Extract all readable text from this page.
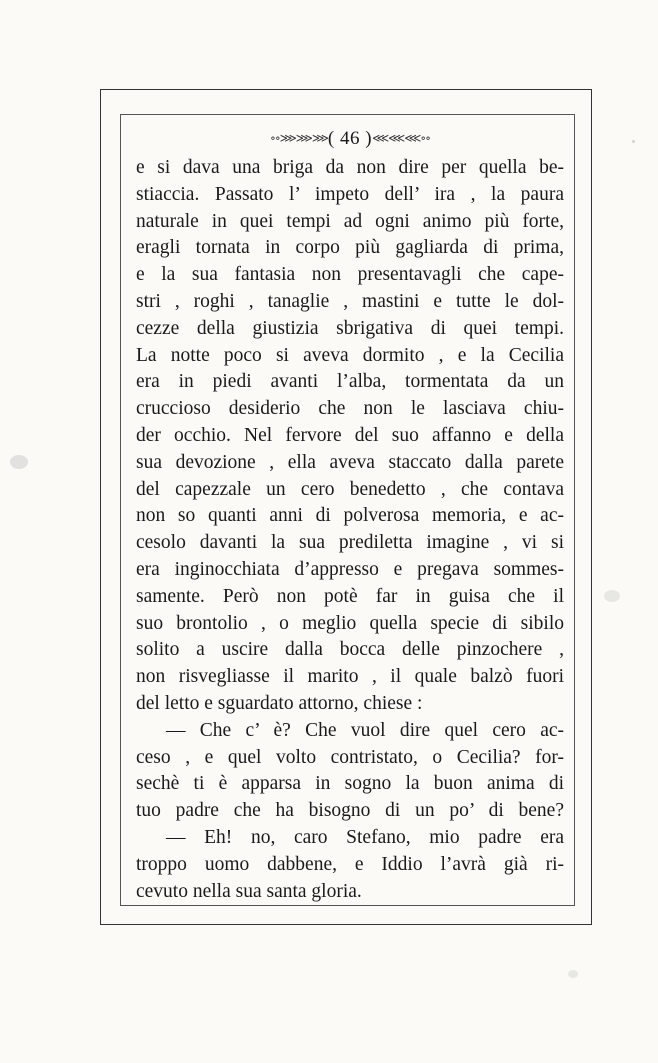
∘∘⋙⋙⋙( 46 )⋘⋘⋘∘∘
e si dava una briga da non dire per quella be-
stiaccia. Passato l’ impeto dell’ ira , la paura
naturale in quei tempi ad ogni animo più forte,
eragli tornata in corpo più gagliarda di prima,
e la sua fantasia non presentavagli che cape-
stri , roghi , tanaglie , mastini e tutte le dol-
cezze della giustizia sbrigativa di quei tempi.
La notte poco si aveva dormito , e la Cecilia
era in piedi avanti l’alba, tormentata da un
cruccioso desiderio che non le lasciava chiu-
der occhio. Nel fervore del suo affanno e della
sua devozione , ella aveva staccato dalla parete
del capezzale un cero benedetto , che contava
non so quanti anni di polverosa memoria, e ac-
cesolo davanti la sua prediletta imagine , vi si
era inginocchiata d’appresso e pregava sommes-
samente. Però non potè far in guisa che il
suo brontolio , o meglio quella specie di sibilo
solito a uscire dalla bocca delle pinzochere ,
non risvegliasse il marito , il quale balzò fuori
del letto e sguardato attorno, chiese :
— Che c’ è? Che vuol dire quel cero ac-
ceso , e quel volto contristato, o Cecilia? for-
sechè ti è apparsa in sogno la buon anima di
tuo padre che ha bisogno di un po’ di bene?
— Eh! no, caro Stefano, mio padre era
troppo uomo dabbene, e Iddio l’avrà già ri-
cevuto nella sua santa gloria.
